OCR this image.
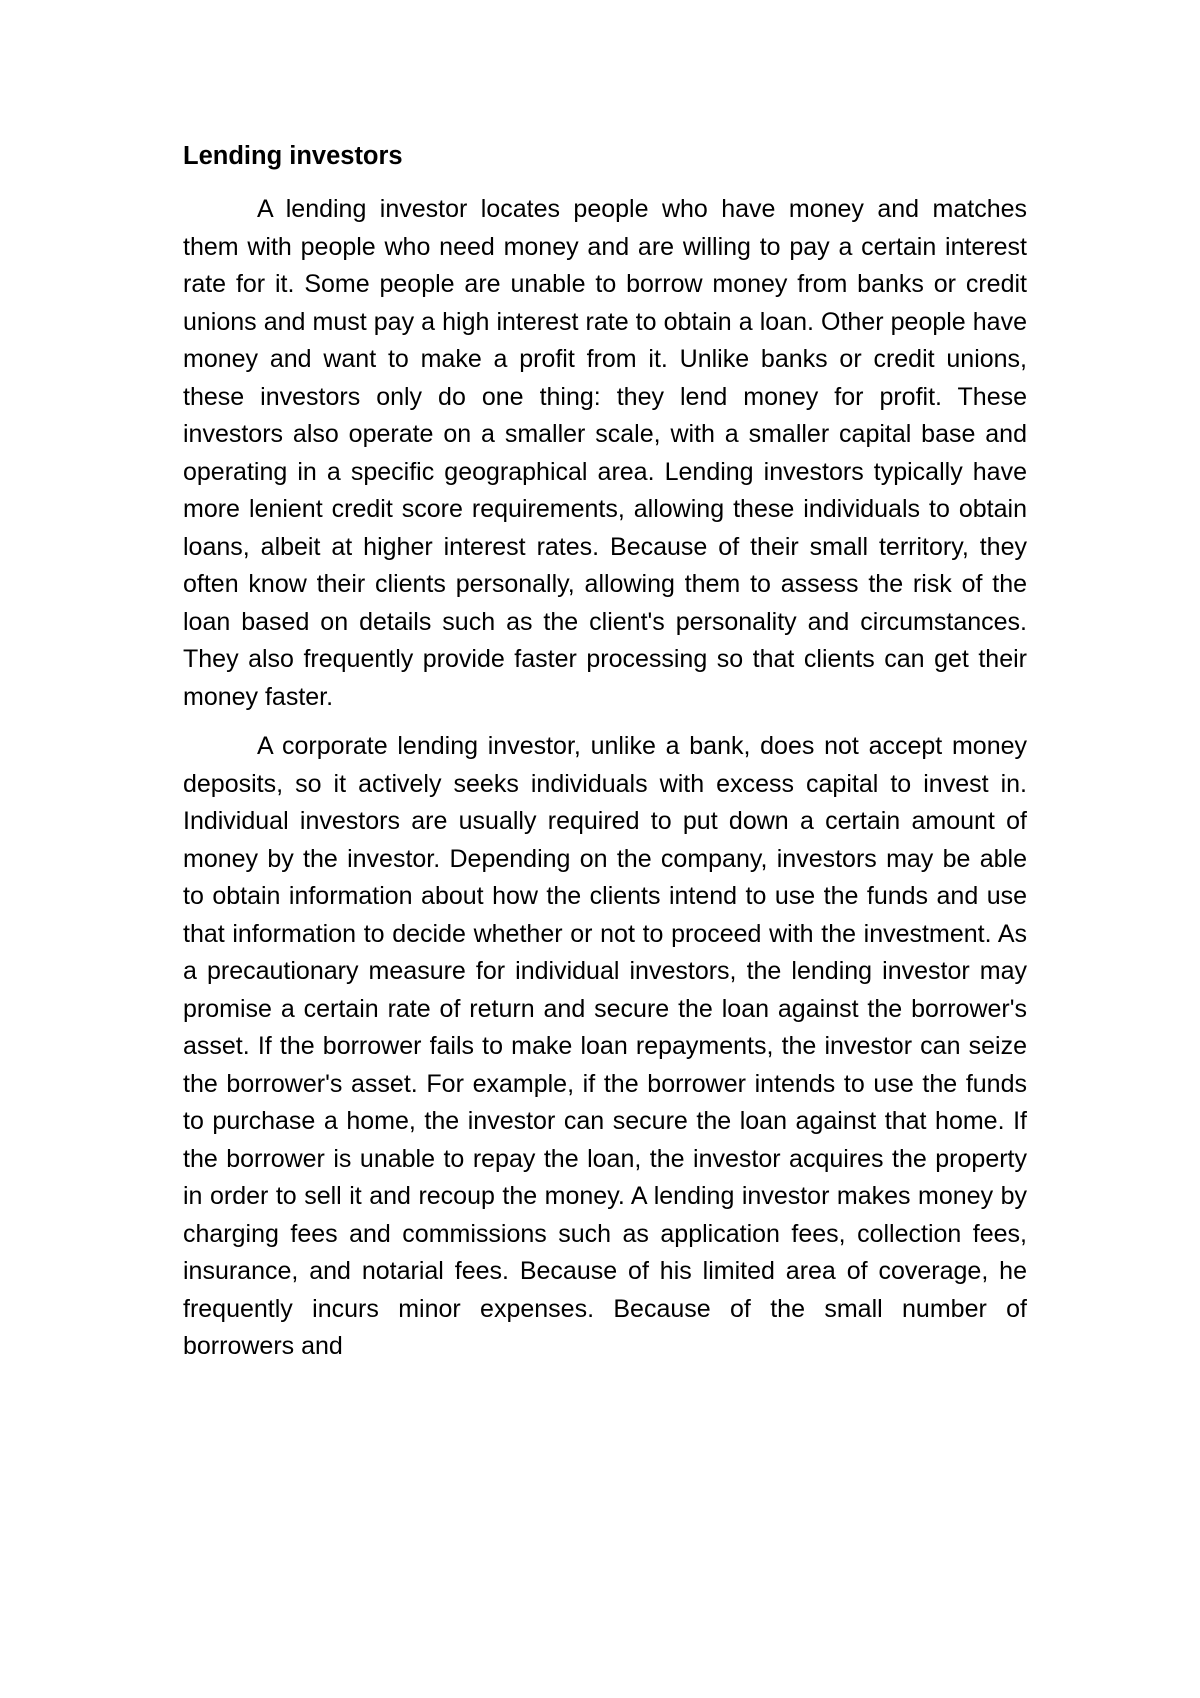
Lending investors

A lending investor locates people who have money and matches them with people who need money and are willing to pay a certain interest rate for it. Some people are unable to borrow money from banks or credit unions and must pay a high interest rate to obtain a loan. Other people have money and want to make a profit from it. Unlike banks or credit unions, these investors only do one thing: they lend money for profit. These investors also operate on a smaller scale, with a smaller capital base and operating in a specific geographical area. Lending investors typically have more lenient credit score requirements, allowing these individuals to obtain loans, albeit at higher interest rates. Because of their small territory, they often know their clients personally, allowing them to assess the risk of the loan based on details such as the client's personality and circumstances. They also frequently provide faster processing so that clients can get their money faster.

A corporate lending investor, unlike a bank, does not accept money deposits, so it actively seeks individuals with excess capital to invest in. Individual investors are usually required to put down a certain amount of money by the investor. Depending on the company, investors may be able to obtain information about how the clients intend to use the funds and use that information to decide whether or not to proceed with the investment. As a precautionary measure for individual investors, the lending investor may promise a certain rate of return and secure the loan against the borrower's asset. If the borrower fails to make loan repayments, the investor can seize the borrower's asset. For example, if the borrower intends to use the funds to purchase a home, the investor can secure the loan against that home. If the borrower is unable to repay the loan, the investor acquires the property in order to sell it and recoup the money. A lending investor makes money by charging fees and commissions such as application fees, collection fees, insurance, and notarial fees. Because of his limited area of coverage, he frequently incurs minor expenses. Because of the small number of borrowers and
